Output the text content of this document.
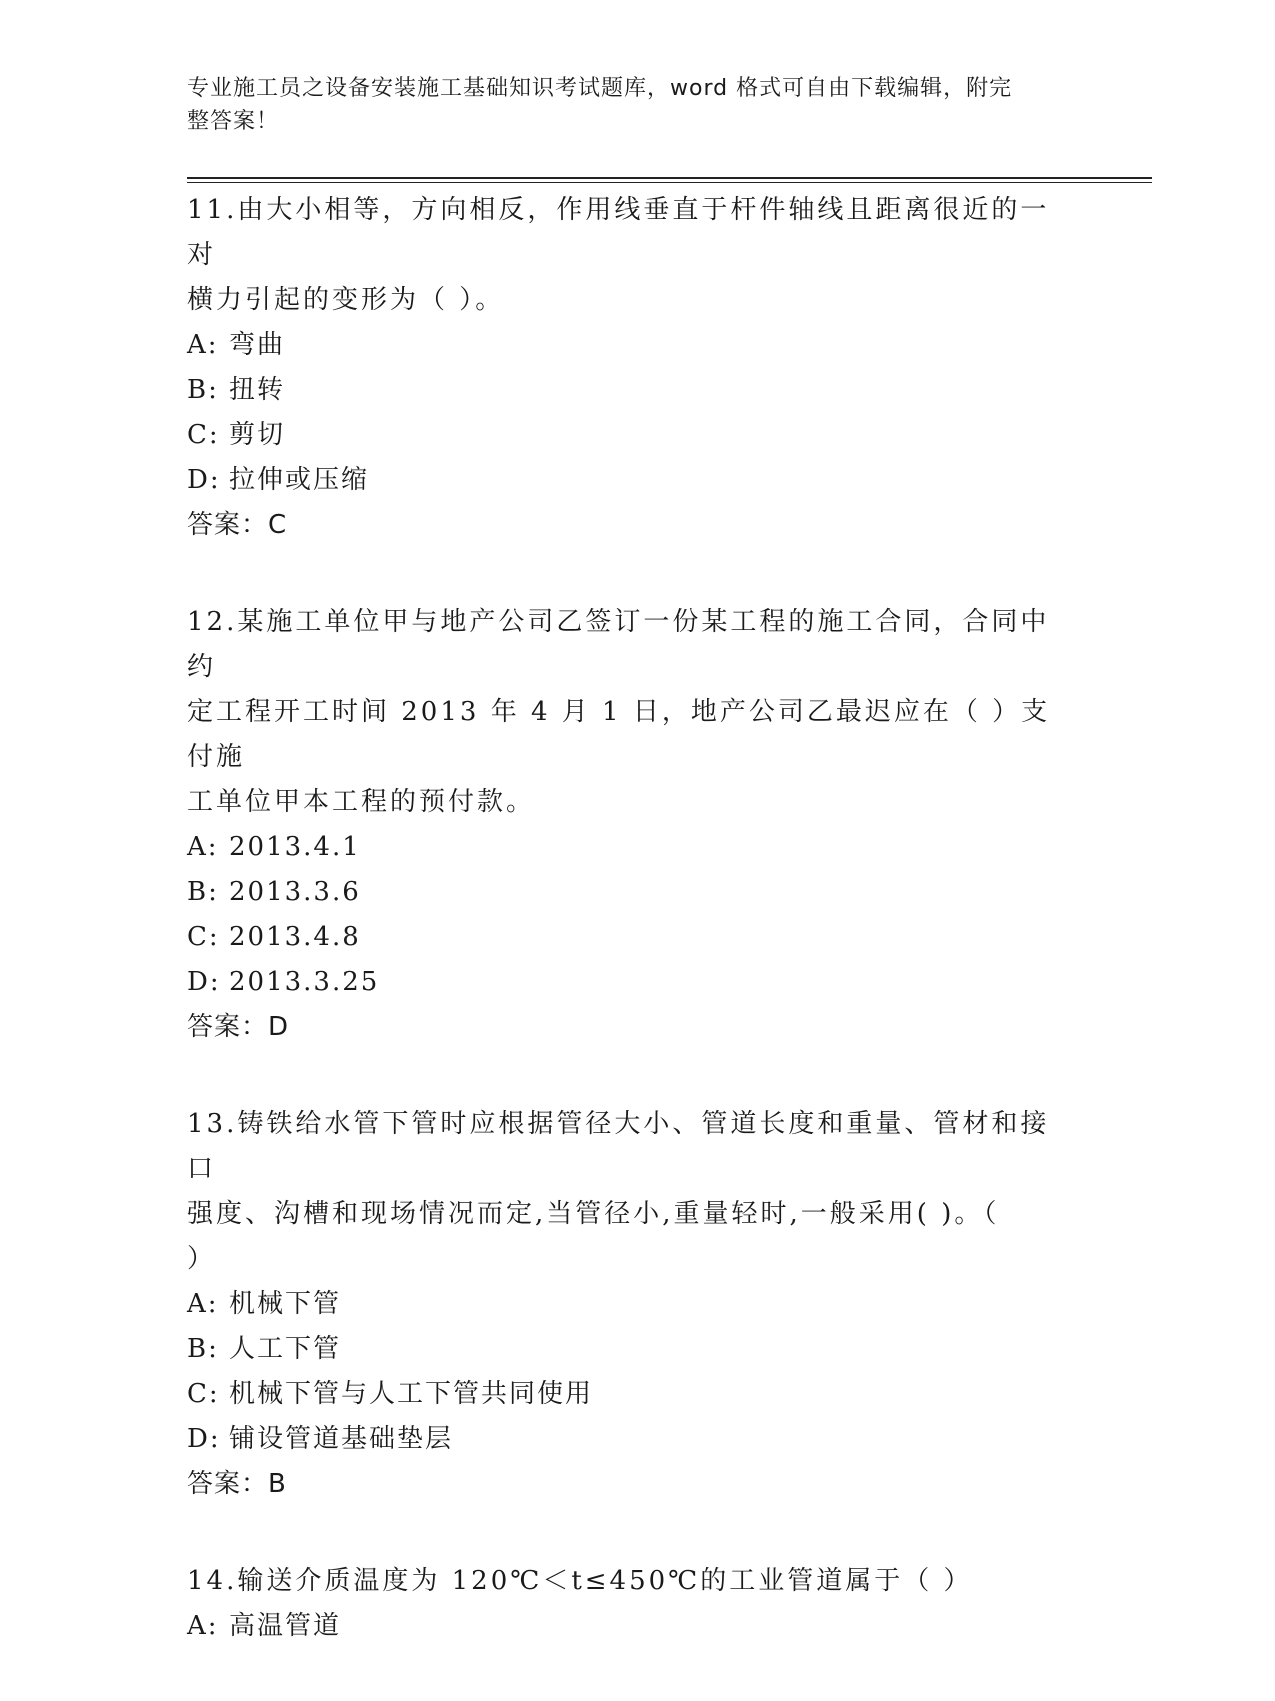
专业施工员之设备安装施工基础知识考试题库，word 格式可自由下载编辑，附完
整答案！

11.由大小相等，方向相反，作用线垂直于杆件轴线且距离很近的一对

横力引起的变形为（ ）。

A: 弯曲
B: 扭转
C: 剪切
D: 拉伸或压缩

答案：C

12.某施工单位甲与地产公司乙签订一份某工程的施工合同，合同中约

定工程开工时间 2013 年 4 月 1 日，地产公司乙最迟应在（ ）支付施

工单位甲本工程的预付款。

A: 2013.4.1
B: 2013.3.6
C: 2013.4.8
D: 2013.3.25

答案：D

13.铸铁给水管下管时应根据管径大小、管道长度和重量、管材和接口

强度、沟槽和现场情况而定,当管径小,重量轻时,一般采用( )。（

）

A: 机械下管
B: 人工下管
C: 机械下管与人工下管共同使用
D: 铺设管道基础垫层

答案：B

14.输送介质温度为 120℃＜t≤450℃的工业管道属于（ ）

A: 高温管道
